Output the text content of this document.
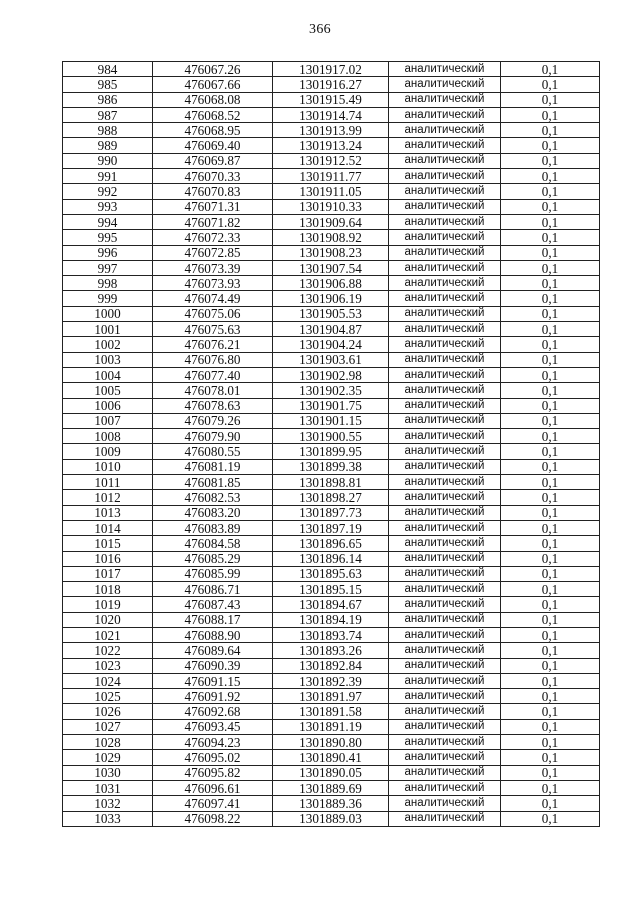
366
984	476067.26	1301917.02	аналитический	0,1
985	476067.66	1301916.27	аналитический	0,1
986	476068.08	1301915.49	аналитический	0,1
987	476068.52	1301914.74	аналитический	0,1
988	476068.95	1301913.99	аналитический	0,1
989	476069.40	1301913.24	аналитический	0,1
990	476069.87	1301912.52	аналитический	0,1
991	476070.33	1301911.77	аналитический	0,1
992	476070.83	1301911.05	аналитический	0,1
993	476071.31	1301910.33	аналитический	0,1
994	476071.82	1301909.64	аналитический	0,1
995	476072.33	1301908.92	аналитический	0,1
996	476072.85	1301908.23	аналитический	0,1
997	476073.39	1301907.54	аналитический	0,1
998	476073.93	1301906.88	аналитический	0,1
999	476074.49	1301906.19	аналитический	0,1
1000	476075.06	1301905.53	аналитический	0,1
1001	476075.63	1301904.87	аналитический	0,1
1002	476076.21	1301904.24	аналитический	0,1
1003	476076.80	1301903.61	аналитический	0,1
1004	476077.40	1301902.98	аналитический	0,1
1005	476078.01	1301902.35	аналитический	0,1
1006	476078.63	1301901.75	аналитический	0,1
1007	476079.26	1301901.15	аналитический	0,1
1008	476079.90	1301900.55	аналитический	0,1
1009	476080.55	1301899.95	аналитический	0,1
1010	476081.19	1301899.38	аналитический	0,1
1011	476081.85	1301898.81	аналитический	0,1
1012	476082.53	1301898.27	аналитический	0,1
1013	476083.20	1301897.73	аналитический	0,1
1014	476083.89	1301897.19	аналитический	0,1
1015	476084.58	1301896.65	аналитический	0,1
1016	476085.29	1301896.14	аналитический	0,1
1017	476085.99	1301895.63	аналитический	0,1
1018	476086.71	1301895.15	аналитический	0,1
1019	476087.43	1301894.67	аналитический	0,1
1020	476088.17	1301894.19	аналитический	0,1
1021	476088.90	1301893.74	аналитический	0,1
1022	476089.64	1301893.26	аналитический	0,1
1023	476090.39	1301892.84	аналитический	0,1
1024	476091.15	1301892.39	аналитический	0,1
1025	476091.92	1301891.97	аналитический	0,1
1026	476092.68	1301891.58	аналитический	0,1
1027	476093.45	1301891.19	аналитический	0,1
1028	476094.23	1301890.80	аналитический	0,1
1029	476095.02	1301890.41	аналитический	0,1
1030	476095.82	1301890.05	аналитический	0,1
1031	476096.61	1301889.69	аналитический	0,1
1032	476097.41	1301889.36	аналитический	0,1
1033	476098.22	1301889.03	аналитический	0,1
